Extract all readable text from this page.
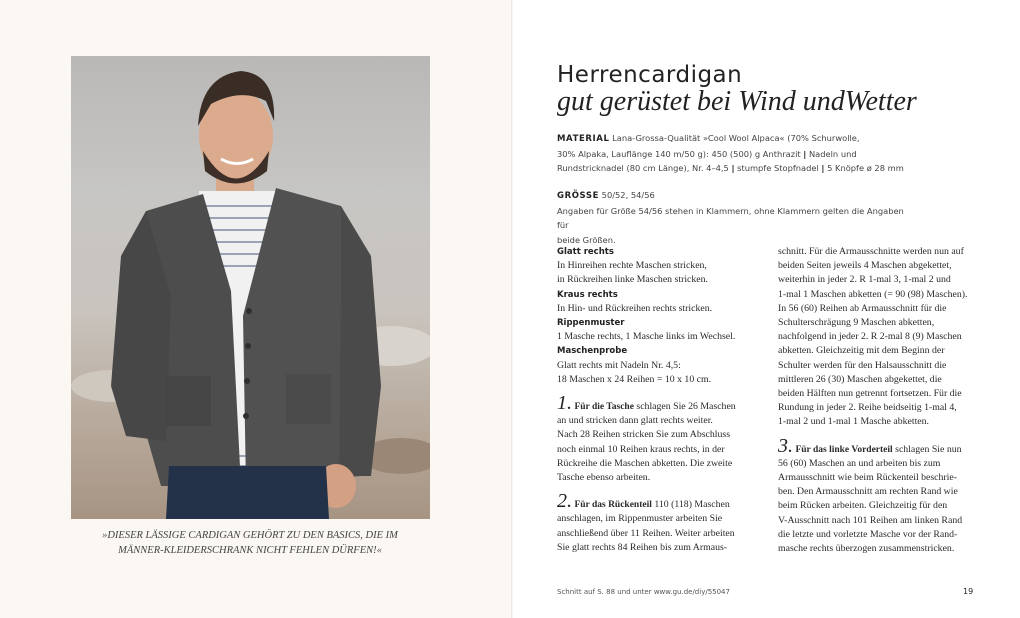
»DIESER LÄSSIGE CARDIGAN GEHÖRT ZU DEN BASICS, DIE IM
MÄNNER-KLEIDERSCHRANK NICHT FEHLEN DÜRFEN!«
Herrencardigan
gut gerüstet bei Wind undWetter
MATERIAL Lana-Grossa-Qualität »Cool Wool Alpaca« (70% Schurwolle,
30% Alpaka, Lauflänge 140 m/50 g): 450 (500) g Anthrazit | Nadeln und
Rundstricknadel (80 cm Länge), Nr. 4–4,5 | stumpfe Stopfnadel | 5 Knöpfe ø 28 mm
GRÖSSE 50/52, 54/56
Angaben für Größe 54/56 stehen in Klammern, ohne Klammern gelten die Angaben für
beide Größen.

Glatt rechts

In Hinreihen rechte Maschen stricken,

in Rückreihen linke Maschen stricken.

Kraus rechts

In Hin- und Rückreihen rechts stricken.

Rippenmuster

1 Masche rechts, 1 Masche links im Wechsel.

Maschenprobe

Glatt rechts mit Nadeln Nr. 4,5:

18 Maschen x 24 Reihen = 10 x 10 cm.

1. Für die Tasche schlagen Sie 26 Maschen

an und stricken dann glatt rechts weiter.

Nach 28 Reihen stricken Sie zum Abschluss

noch einmal 10 Reihen kraus rechts, in der

Rückreihe die Maschen abketten. Die zweite

Tasche ebenso arbeiten.

2. Für das Rückenteil 110 (118) Maschen

anschlagen, im Rippenmuster arbeiten Sie

anschließend über 11 Reihen. Weiter arbeiten

Sie glatt rechts 84 Reihen bis zum Armaus-

schnitt. Für die Armausschnitte werden nun auf

beiden Seiten jeweils 4 Maschen abgekettet,

weiterhin in jeder 2. R 1-mal 3, 1-mal 2 und

1-mal 1 Maschen abketten (= 90 (98) Maschen).

In 56 (60) Reihen ab Armausschnitt für die

Schulterschrägung 9 Maschen abketten,

nachfolgend in jeder 2. R 2-mal 8 (9) Maschen

abketten. Gleichzeitig mit dem Beginn der

Schulter werden für den Halsausschnitt die

mittleren 26 (30) Maschen abgekettet, die

beiden Hälften nun getrennt fortsetzen. Für die

Rundung in jeder 2. Reihe beidseitig 1-mal 4,

1-mal 2 und 1-mal 1 Masche abketten.

3. Für das linke Vorderteil schlagen Sie nun

56 (60) Maschen an und arbeiten bis zum

Armausschnitt wie beim Rückenteil beschrie-

ben. Den Armausschnitt am rechten Rand wie

beim Rücken arbeiten. Gleichzeitig für den

V-Ausschnitt nach 101 Reihen am linken Rand

die letzte und vorletzte Masche vor der Rand-

masche rechts überzogen zusammenstricken.

Schnitt auf S. 88 und unter www.gu.de/diy/55047	19
